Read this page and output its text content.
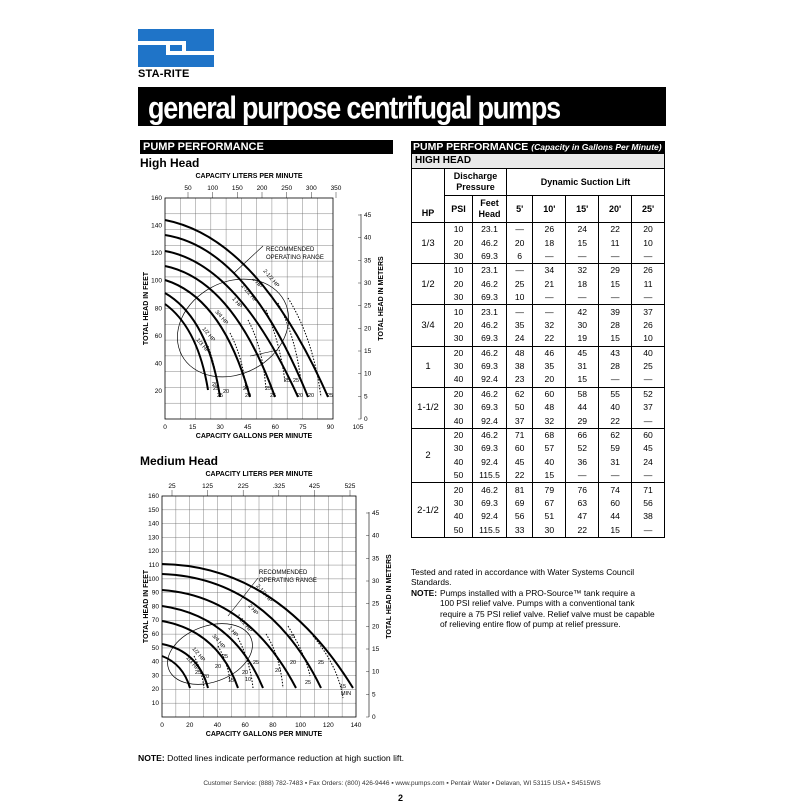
STA-RITE
general purpose centrifugal pumps
PUMP PERFORMANCE
High Head
Medium Head
CAPACITY LITERS PER MINUTE
50 100 150 200 250 300 350
20
40
60
80
100
120
140
160
TOTAL HEAD IN FEET
0
5
10
15
20
25
30
35
40
45
TOTAL HEAD IN METERS
0	15	30	45	60	75	90	105
CAPACITY GALLONS PER MINUTE
RECOMMENDED
OPERATING RANGE
2-1/2 HP
2 HP
1-1/2 HP
1 HP
3/4 HP
1/2 HP
1/3 HP
25
20
20
25
25
25
25
20
25
20
25
20
25
CAPACITY LITERS PER MINUTE
25	125	225	.325	425	525
10
20
30
40
50
60
70
80
90
100
110
120
130
140
150
160
TOTAL HEAD IN FEET
0
5
10
15
20
25
30
35
40
45
TOTAL HEAD IN METERS
0	20	40	60	80	100	120	140
CAPACITY GALLONS PER MINUTE
RECOMMENDED
OPERATING RANGE
2-1/2 HP
2 HP
1-1/2 HP
1 HP
3/4 HP
1/2 HP
1/3 HP
25
25
20
25
20
25
20
15 10
25
20
25
20
15
MIN
PUMP PERFORMANCE (Capacity in Gallons Per Minute)
HIGH HEAD
HP	Discharge Pressure		Dynamic Suction Lift				
	PSI	Feet Head	5'	10'	15'	20'	25'
1/3	10	23.1	—	26	24	22	20
	20	46.2	20	18	15	11	10
	30	69.3	6	—	—	—	—
1/2	10	23.1	—	34	32	29	26
	20	46.2	25	21	18	15	11
	30	69.3	10	—	—	—	—
3/4	10	23.1	—	—	42	39	37
	20	46.2	35	32	30	28	26
	30	69.3	24	22	19	15	10
1	20	46.2	48	46	45	43	40
	30	69.3	38	35	31	28	25
	40	92.4	23	20	15	—	—
1-1/2	20	46.2	62	60	58	55	52
	30	69.3	50	48	44	40	37
	40	92.4	37	32	29	22	—
2	20	46.2	71	68	66	62	60
	30	69.3	60	57	52	59	45
	40	92.4	45	40	36	31	24
	50	115.5	22	15	—	—	—
2-1/2	20	46.2	81	79	76	74	71
	30	69.3	69	67	63	60	56
	40	92.4	56	51	47	44	38
	50	115.5	33	30	22	15	—
Tested and rated in accordance with Water Systems Council Standards.
NOTE: Pumps installed with a PRO-Source™ tank require a
100 PSI relief valve. Pumps with a conventional tank
require a 75 PSI relief valve. Relief valve must be capable
of relieving entire flow of pump at relief pressure.
NOTE: Dotted lines indicate performance reduction at high suction lift.
Customer Service: (888) 782-7483 ▪ Fax Orders: (800) 426-9446 ▪ www.pumps.com ▪ Pentair Water ▪ Delavan, WI 53115 USA ▪ S4515WS
2
